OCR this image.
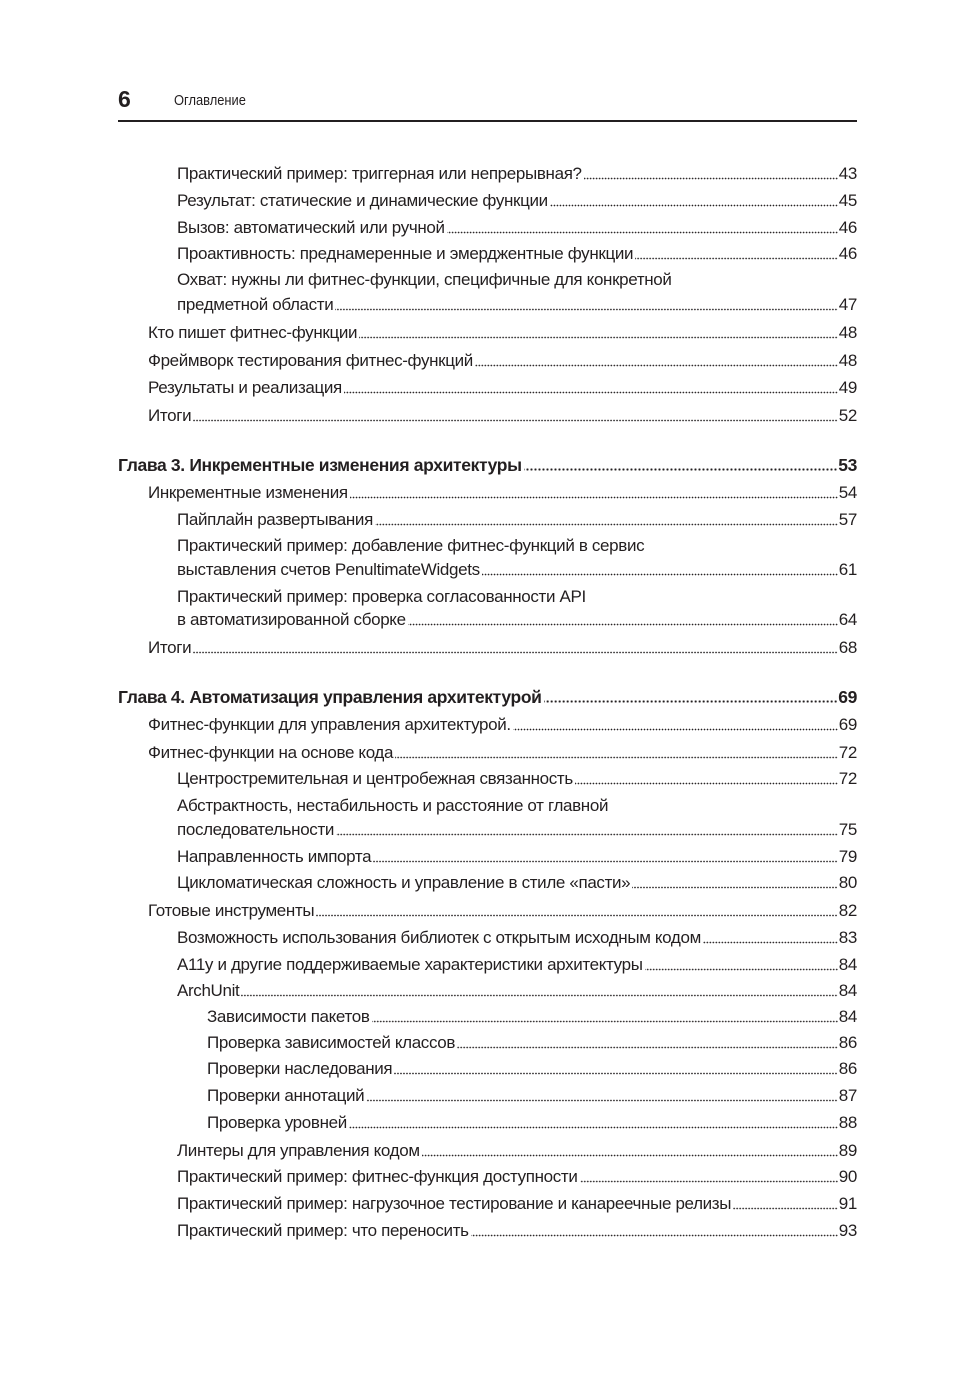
6	Оглавление
Практический пример: триггерная или непрерывная?	43
Результат: статические и динамические функции	45
Вызов: автоматический или ручной	46
Проактивность: преднамеренные и эмерджентные функции	46
Охват: нужны ли фитнес-функции, специфичные для конкретной
предметной области	47
Кто пишет фитнес-функции	48
Фреймворк тестирования фитнес-функций	48
Результаты и реализация	49
Итоги	52
Глава 3. Инкрементные изменения архитектуры	53
Инкрементные изменения	54
Пайплайн развертывания	57
Практический пример: добавление фитнес-функций в сервис
выставления счетов PenultimateWidgets	61
Практический пример: проверка согласованности API
в автоматизированной сборке	64
Итоги	68
Глава 4. Автоматизация управления архитектурой	69
Фитнес-функции для управления архитектурой.	69
Фитнес-функции на основе кода	72
Центростремительная и центробежная связанность	72
Абстрактность, нестабильность и расстояние от главной
последовательности	75
Направленность импорта	79
Цикломатическая сложность и управление в стиле «пасти»	80
Готовые инструменты	82
Возможность использования библиотек с открытым исходным кодом	83
A11y и другие поддерживаемые характеристики архитектуры	84
ArchUnit	84
Зависимости пакетов	84
Проверка зависимостей классов	86
Проверки наследования	86
Проверки аннотаций	87
Проверка уровней	88
Линтеры для управления кодом	89
Практический пример: фитнес-функция доступности	90
Практический пример: нагрузочное тестирование и канареечные релизы	91
Практический пример: что переносить	93
